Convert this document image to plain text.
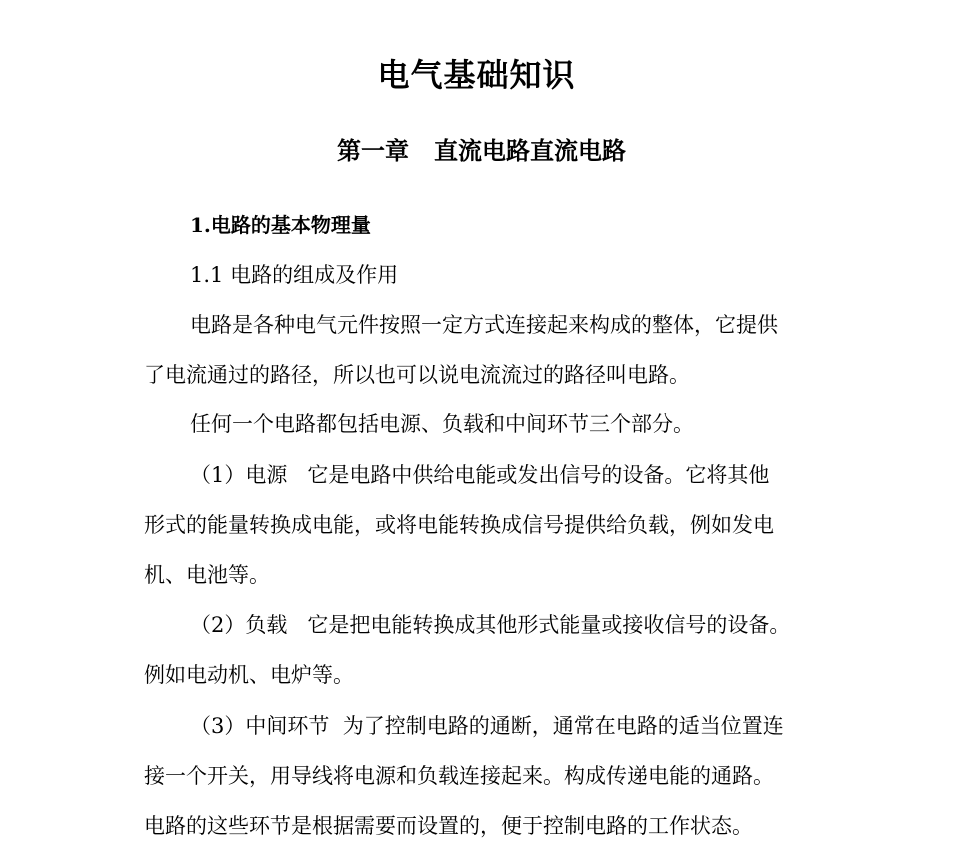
电气基础知识
第一章   直流电路直流电路
1.电路的基本物理量
1.1 电路的组成及作用
电路是各种电气元件按照一定方式连接起来构成的整体，它提供
了电流通过的路径，所以也可以说电流流过的路径叫电路。
任何一个电路都包括电源、负载和中间环节三个部分。
（1）电源   它是电路中供给电能或发出信号的设备。它将其他
形式的能量转换成电能，或将电能转换成信号提供给负载，例如发电
机、电池等。
（2）负载   它是把电能转换成其他形式能量或接收信号的设备。
例如电动机、电炉等。
（3）中间环节  为了控制电路的通断，通常在电路的适当位置连
接一个开关，用导线将电源和负载连接起来。构成传递电能的通路。
电路的这些环节是根据需要而设置的，便于控制电路的工作状态。
